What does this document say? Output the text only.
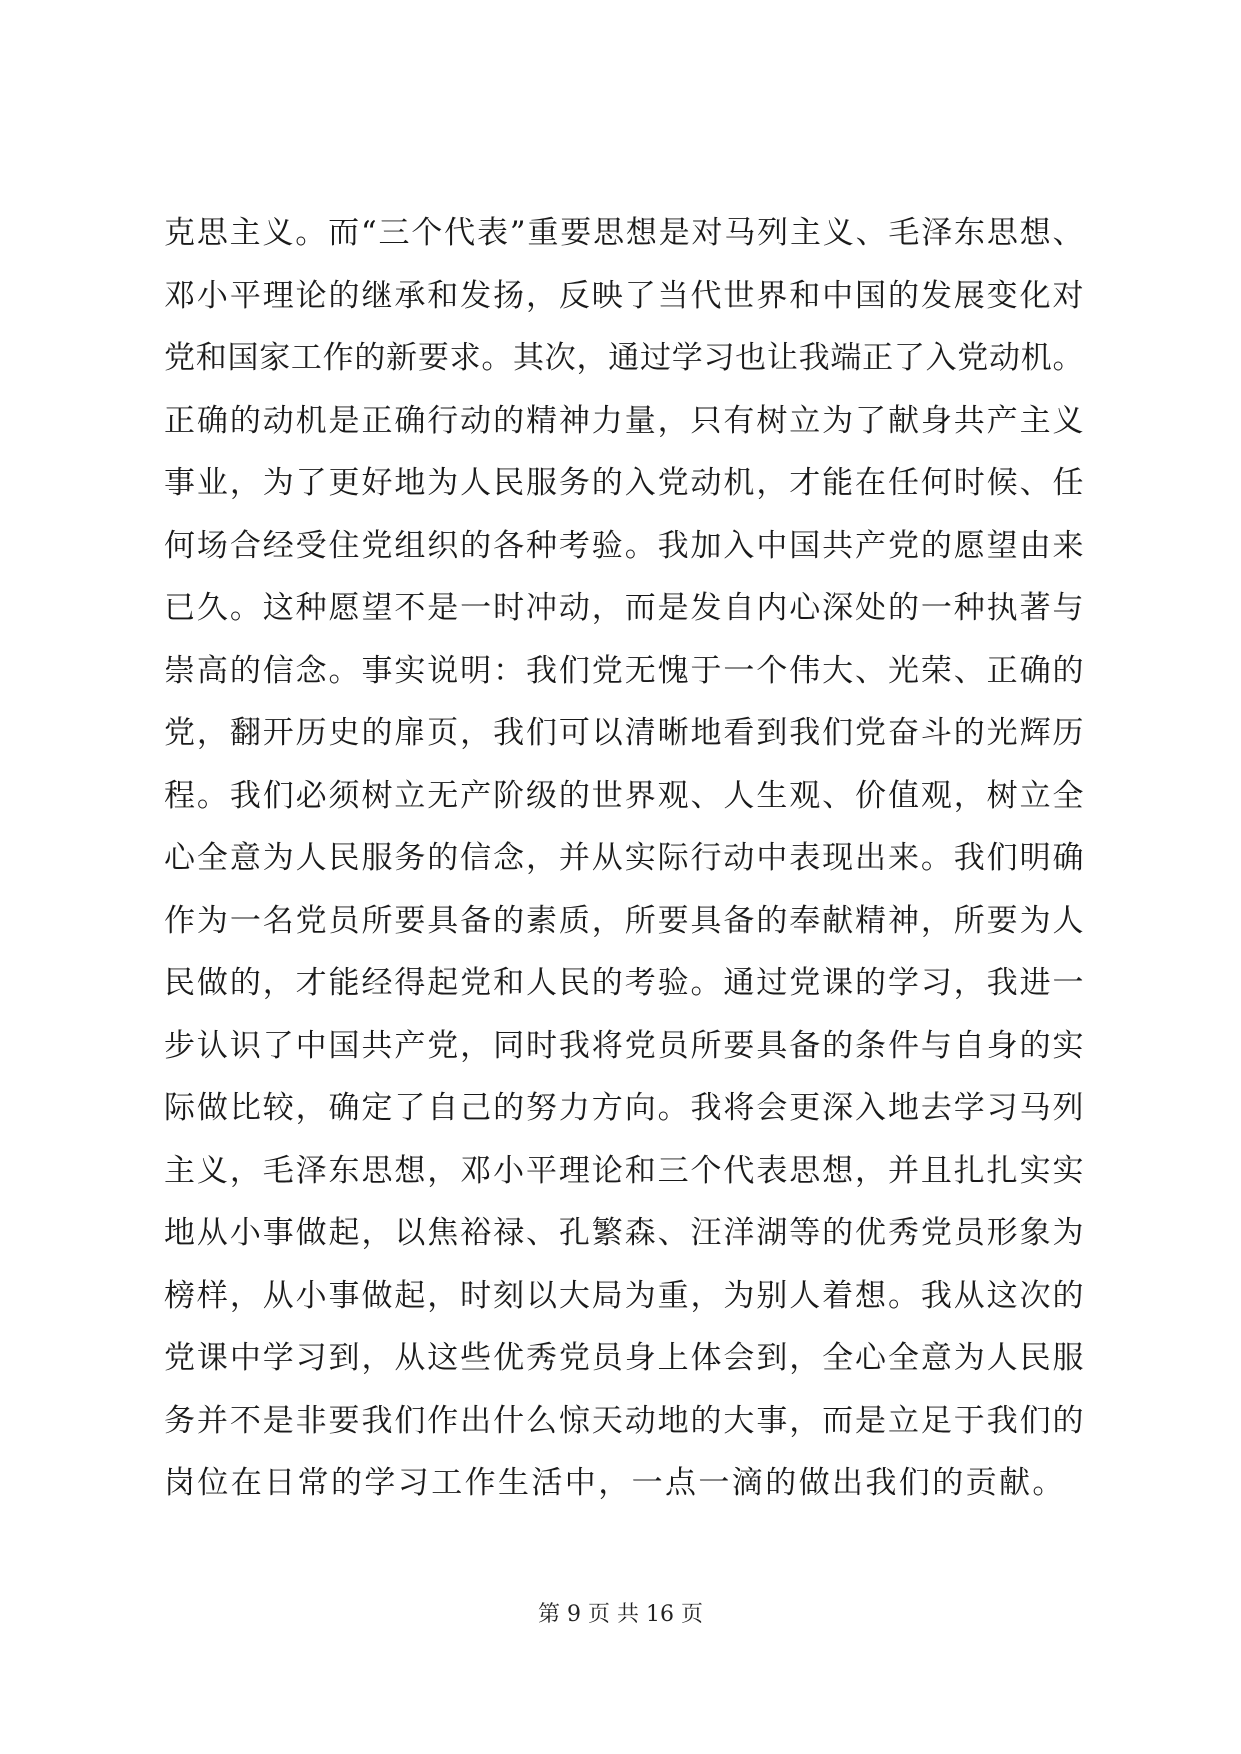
克思主义。而“三个代表”重要思想是对马列主义、毛泽东思想、
邓小平理论的继承和发扬，反映了当代世界和中国的发展变化对
党和国家工作的新要求。其次，通过学习也让我端正了入党动机。
正确的动机是正确行动的精神力量，只有树立为了献身共产主义
事业，为了更好地为人民服务的入党动机，才能在任何时候、任
何场合经受住党组织的各种考验。我加入中国共产党的愿望由来
已久。这种愿望不是一时冲动，而是发自内心深处的一种执著与
崇高的信念。事实说明：我们党无愧于一个伟大、光荣、正确的
党，翻开历史的扉页，我们可以清晰地看到我们党奋斗的光辉历
程。我们必须树立无产阶级的世界观、人生观、价值观，树立全
心全意为人民服务的信念，并从实际行动中表现出来。我们明确
作为一名党员所要具备的素质，所要具备的奉献精神，所要为人
民做的，才能经得起党和人民的考验。通过党课的学习，我进一
步认识了中国共产党，同时我将党员所要具备的条件与自身的实
际做比较，确定了自己的努力方向。我将会更深入地去学习马列
主义，毛泽东思想，邓小平理论和三个代表思想，并且扎扎实实
地从小事做起，以焦裕禄、孔繁森、汪洋湖等的优秀党员形象为
榜样，从小事做起，时刻以大局为重，为别人着想。我从这次的
党课中学习到，从这些优秀党员身上体会到，全心全意为人民服
务并不是非要我们作出什么惊天动地的大事，而是立足于我们的
岗位在日常的学习工作生活中，一点一滴的做出我们的贡献。
第 9 页 共 16 页
